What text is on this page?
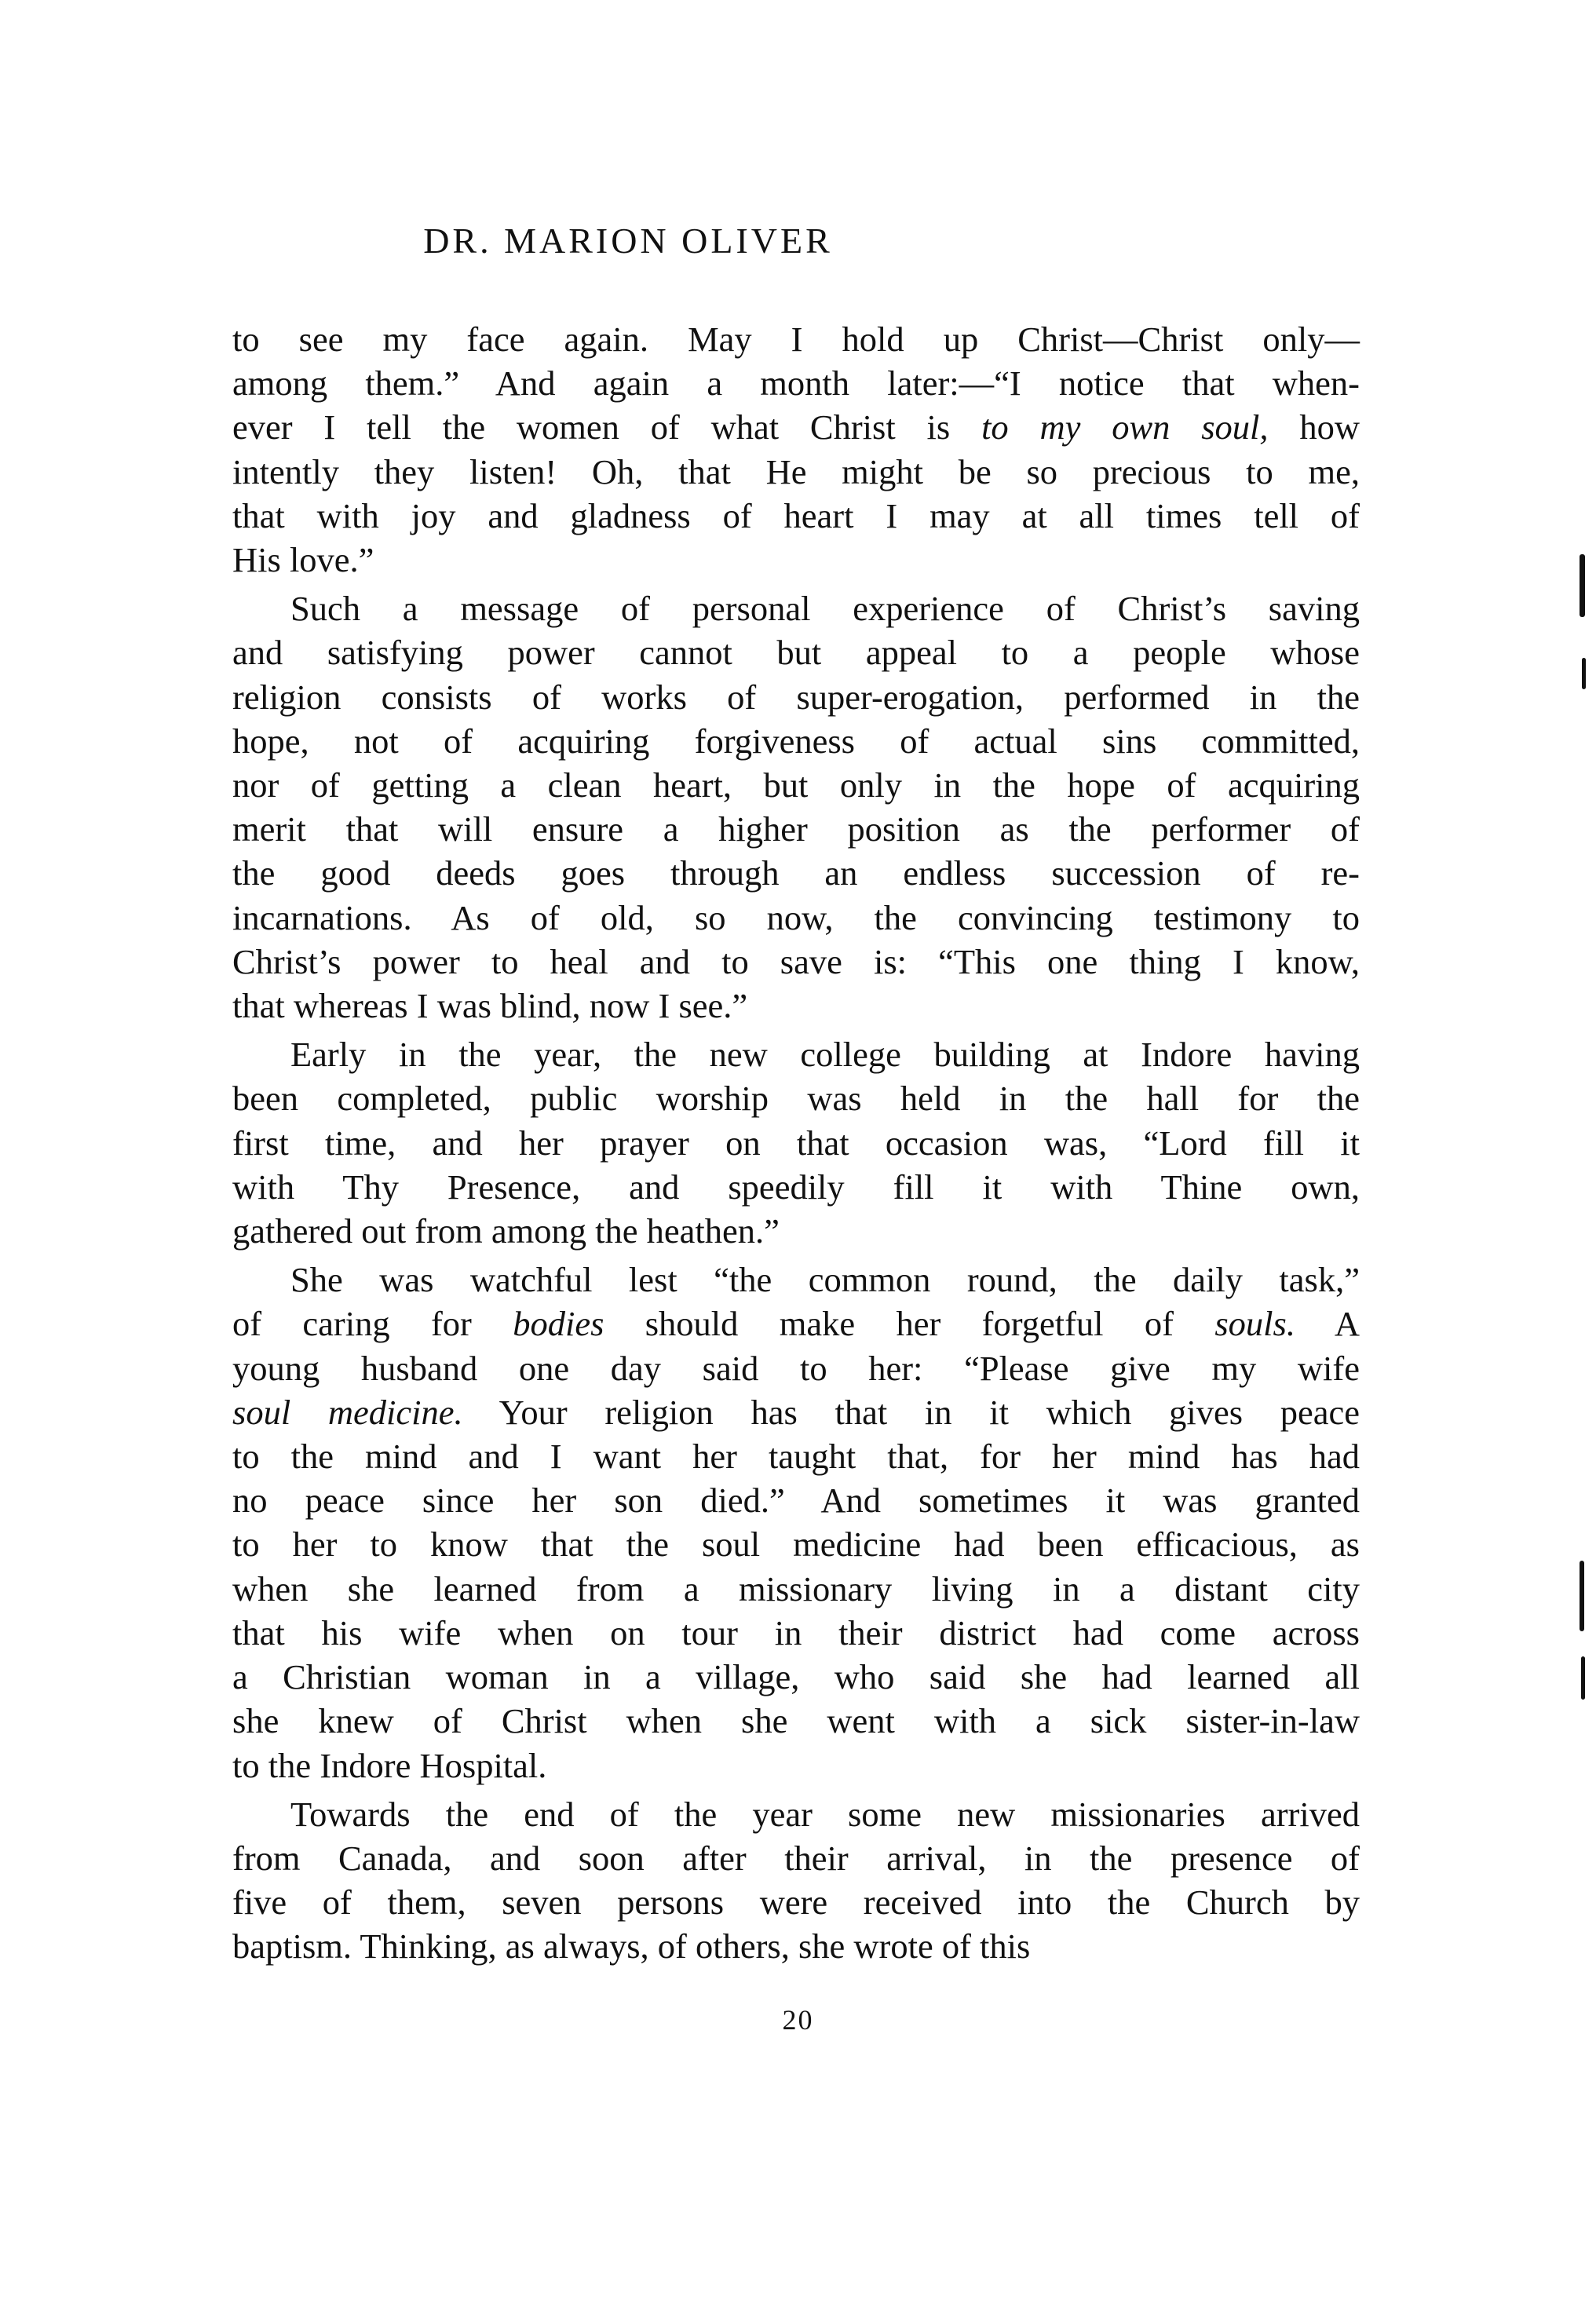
DR. MARION OLIVER
to see my face again. May I hold up Christ—Christ only—
among them.” And again a month later:—“I notice that when-
ever I tell the women of what Christ is to my own soul, how
intently they listen! Oh, that He might be so precious to me,
that with joy and gladness of heart I may at all times tell of
His love.”
Such a message of personal experience of Christ’s saving
and satisfying power cannot but appeal to a people whose
religion consists of works of super-erogation, performed in the
hope, not of acquiring forgiveness of actual sins committed,
nor of getting a clean heart, but only in the hope of acquiring
merit that will ensure a higher position as the performer of
the good deeds goes through an endless succession of re-
incarnations. As of old, so now, the convincing testimony to
Christ’s power to heal and to save is: “This one thing I know,
that whereas I was blind, now I see.”
Early in the year, the new college building at Indore having
been completed, public worship was held in the hall for the
first time, and her prayer on that occasion was, “Lord fill it
with Thy Presence, and speedily fill it with Thine own,
gathered out from among the heathen.”
She was watchful lest “the common round, the daily task,”
of caring for bodies should make her forgetful of souls. A
young husband one day said to her: “Please give my wife
soul medicine. Your religion has that in it which gives peace
to the mind and I want her taught that, for her mind has had
no peace since her son died.” And sometimes it was granted
to her to know that the soul medicine had been efficacious, as
when she learned from a missionary living in a distant city
that his wife when on tour in their district had come across
a Christian woman in a village, who said she had learned all
she knew of Christ when she went with a sick sister-in-law
to the Indore Hospital.
Towards the end of the year some new missionaries arrived
from Canada, and soon after their arrival, in the presence of
five of them, seven persons were received into the Church by
baptism. Thinking, as always, of others, she wrote of this
20
